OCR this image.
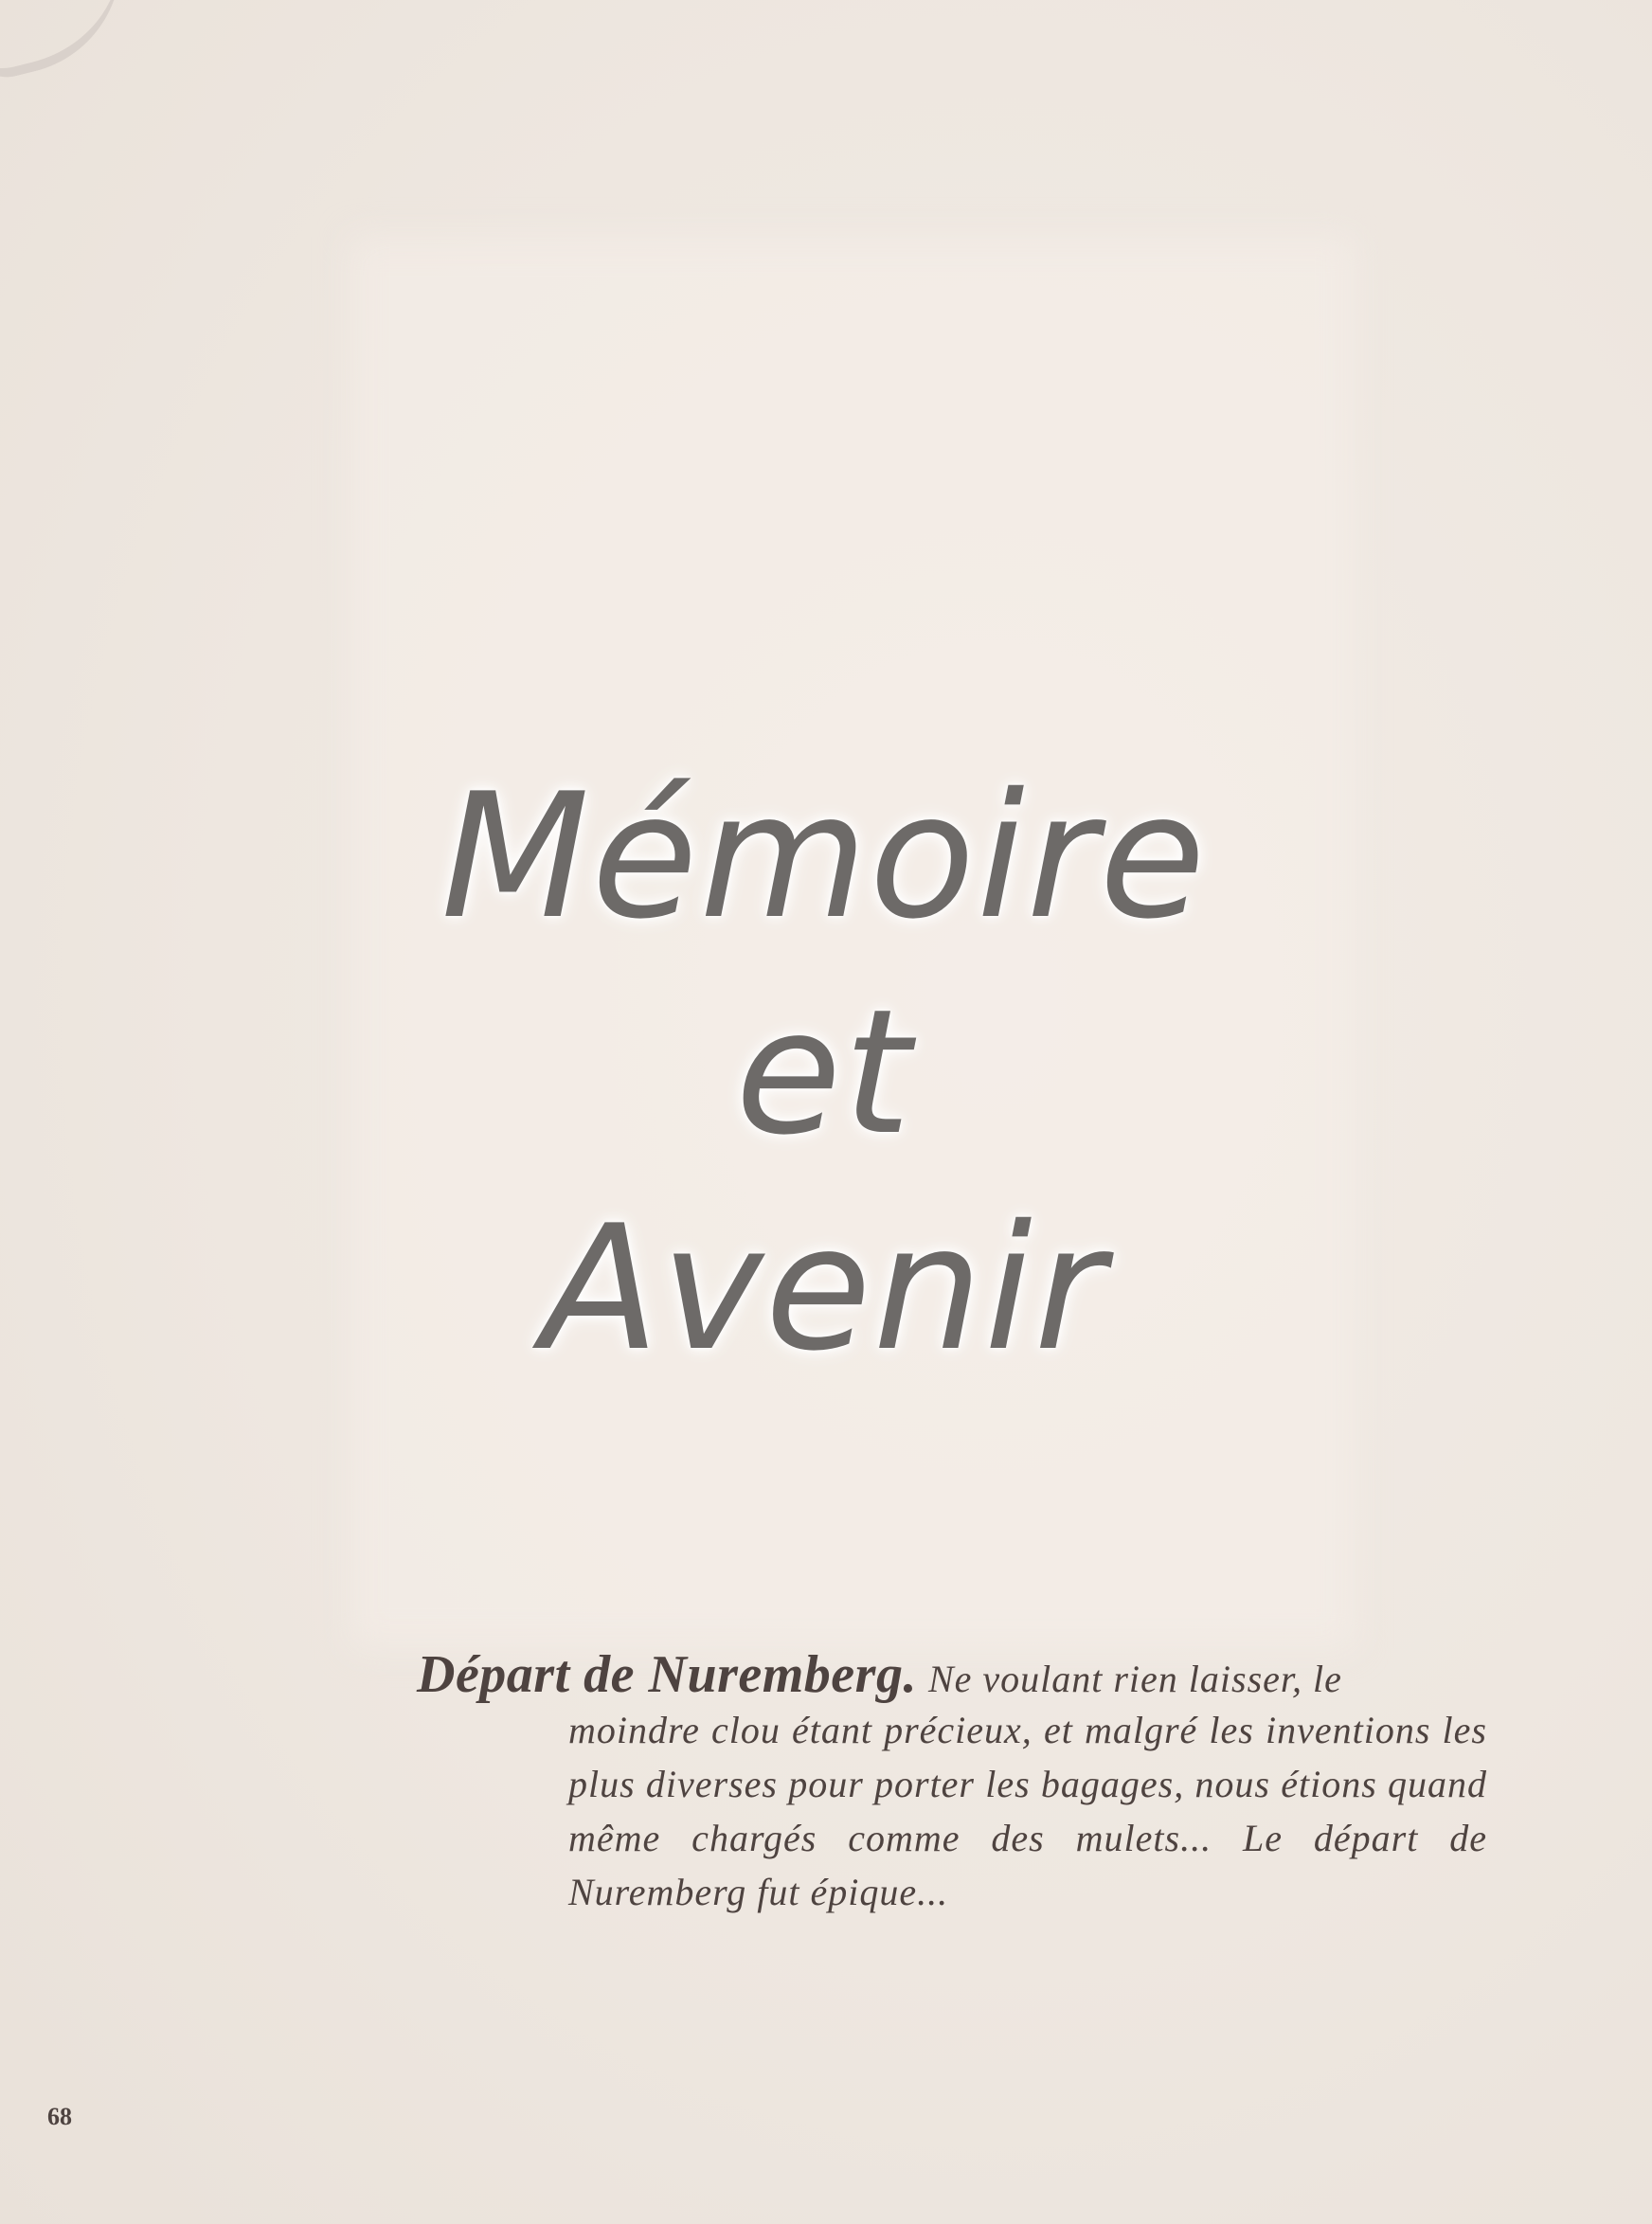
Mémoire
et
Avenir
Départ de Nuremberg. Ne voulant rien laisser, le
moindre clou étant précieux, et malgré les inventions les plus diverses pour porter les bagages, nous étions quand même chargés comme des mulets... Le départ de Nuremberg fut épique...
68
